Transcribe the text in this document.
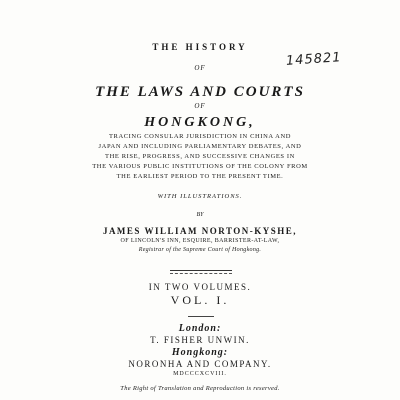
145821
THE HISTORY
OF
THE LAWS AND COURTS
OF
HONGKONG,
TRACING CONSULAR JURISDICTION IN CHINA AND
JAPAN AND INCLUDING PARLIAMENTARY DEBATES, AND
THE RISE, PROGRESS, AND SUCCESSIVE CHANGES IN
THE VARIOUS PUBLIC INSTITUTIONS OF THE COLONY FROM
THE EARLIEST PERIOD TO THE PRESENT TIME.
WITH ILLUSTRATIONS.
BY
JAMES WILLIAM NORTON-KYSHE,
OF LINCOLN'S INN, ESQUIRE, BARRISTER-AT-LAW,
Registrar of the Supreme Court of Hongkong.
IN TWO VOLUMES.
VOL. I.
London:
T. FISHER UNWIN.
Hongkong:
NORONHA AND COMPANY.
MDCCCXCVIII.
The Right of Translation and Reproduction is reserved.
